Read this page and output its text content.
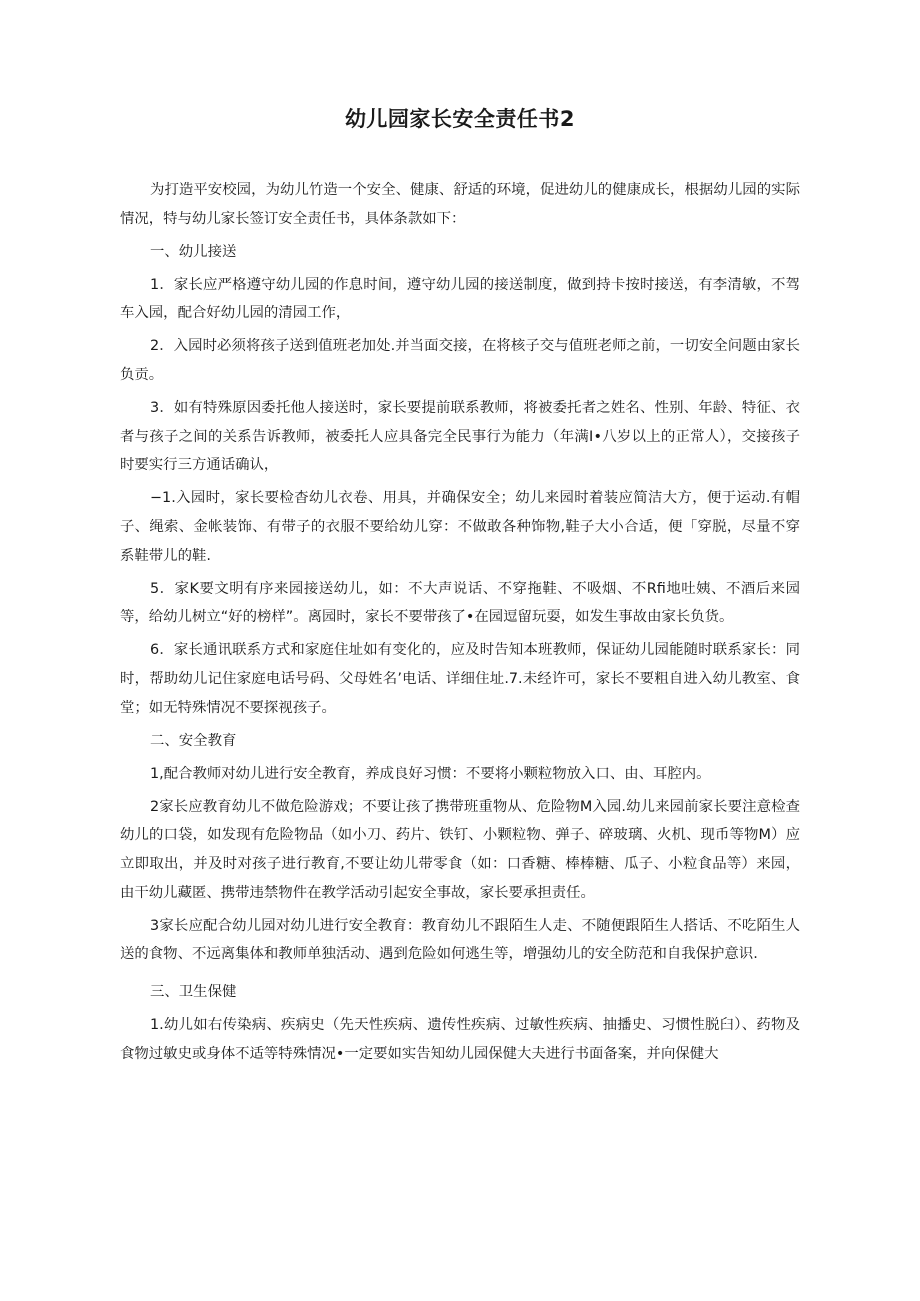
幼儿园家长安全责任书2

为打造平安校园，为幼儿竹造一个安全、健康、舒适的环境，促进幼儿的健康成长，根据幼儿园的实际情况，特与幼儿家长签订安全责任书，具体条款如下：

一、幼儿接送

1．家长应严格遵守幼儿园的作息时间，遵守幼儿园的接送制度，做到持卡按时接送，有李清敏，不驾车入园，配合好幼儿园的清园工作，

2．入园时必须将孩子送到值班老加处.并当面交接，在将核子交与值班老师之前，一切安全问题由家长负贡。

3．如有特殊原因委托他人接送时，家长要提前联系教师，将被委托者之姓名、性别、年龄、特征、衣者与孩子之间的关系告诉教师，被委托人应具备完全民事行为能力（年满Ⅰ•八岁以上的正常人），交接孩子时要实行三方通话确认，

−1.入园时，家长要检杳幼儿衣卷、用具，并确保安全；幼儿来园时着装应简洁大方，便于运动.有帽子、绳索、金帐装饰、有带子的衣服不要给幼儿穿：不做敢各种饰物,鞋子大小合适，便「穿脱，尽量不穿系鞋带儿的鞋.

5．家K要文明有序来园接送幼儿，如：不大声说话、不穿拖鞋、不吸烟、不Rfi地吐姨、不酒后来园等，给幼儿树立“好的榜样”。离园时，家长不要带孩了•在园逗留玩耍，如发生事故由家长负货。

6．家长通讯联系方式和家庭住址如有变化的，应及时告知本班教师，保证幼儿园能随时联系家长：同时，帮助幼儿记住家庭电话号码、父母姓名’电话、详细住址.7.未经许可，家长不要粗自进入幼儿教室、食堂；如无特殊情况不要探视孩子。

二、安全教育

1,配合教师对幼儿进行安全教育，养成良好习惯：不要将小颗粒物放入口、由、耳腔内。

2家长应教育幼儿不做危险游戏；不要让孩了携带班重物从、危险物M入园.幼儿来园前家长要注意检查幼儿的口袋，如发现有危险物品（如小刀、药片、铁钉、小颗粒物、弹子、碎玻璃、火机、现币等物M）应立即取出，并及时对孩子进行教育,不要让幼儿带零食（如：口香糖、棒棒糖、瓜子、小粒食品等）来园，由干幼儿藏匿、携带违禁物件在教学活动引起安全事故，家长要承担责任。

3家长应配合幼儿园对幼儿进行安全教育：教育幼儿不跟陌生人走、不随便跟陌生人搭话、不吃陌生人送的食物、不远离集体和教师单独活动、遇到危险如何逃生等，增强幼儿的安全防范和自我保护意识.

三、卫生保健

1.幼儿如右传染病、疾病史（先天性疾病、遗传性疾病、过敏性疾病、抽播史、习惯性脱臼）、药物及食物过敏史或身体不适等特殊情况•一定要如实告知幼儿园保健大夫进行书面备案，并向保健大
